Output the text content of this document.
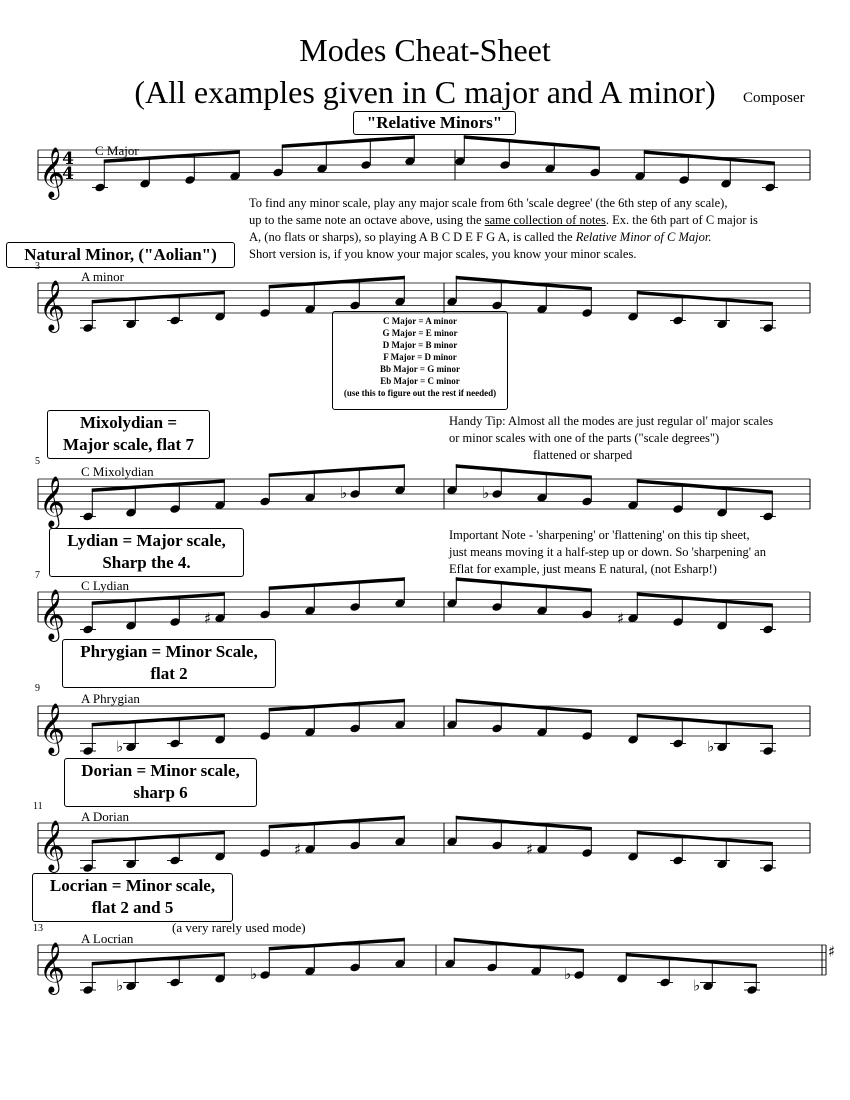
Modes Cheat-Sheet
(All examples given in C major and A minor)	Composer
"Relative Minors"
To find any minor scale, play any major scale from 6th 'scale degree' (the 6th step of any scale),
up to the same note an octave above, using the same collection of notes. Ex. the 6th part of C major is
A, (no flats or sharps), so playing A B C D E F G A, is called the Relative Minor of C Major.
Short version is, if you know your major scales, you know your minor scales.
C Major = A minor
G Major = E minor
D Major = B minor
F Major = D minor
Bb Major = G minor
Eb Major = C minor
(use this to figure out the rest if needed)
Handy Tip: Almost all the modes are just regular ol' major scales
or minor scales with one of the parts ("scale degrees")
flattened or sharped
Important Note - 'sharpening' or 'flattening' on this tip sheet,
just means moving it a half-step up or down. So 'sharpening' an
Eflat for example, just means E natural, (not Esharp!)
Natural Minor, ("Aolian")
Mixolydian =
Major scale, flat 7
Lydian = Major scale,
Sharp the 4.
Phrygian = Minor Scale,
flat 2
Dorian = Minor scale,
sharp 6
Locrian = Minor scale,
flat 2 and 5
(a very rarely used mode)
3
5
7
9
11
13
C Major
A minor
C Mixolydian
C Lydian
A Phrygian
A Dorian
A Locrian
𝄞
4
4
𝄞
𝄞	♭	♭
𝄞	♯	♯
𝄞	♭	♭
𝄞	♯	♯
𝄞	♯
♭
♭	♭
♭
